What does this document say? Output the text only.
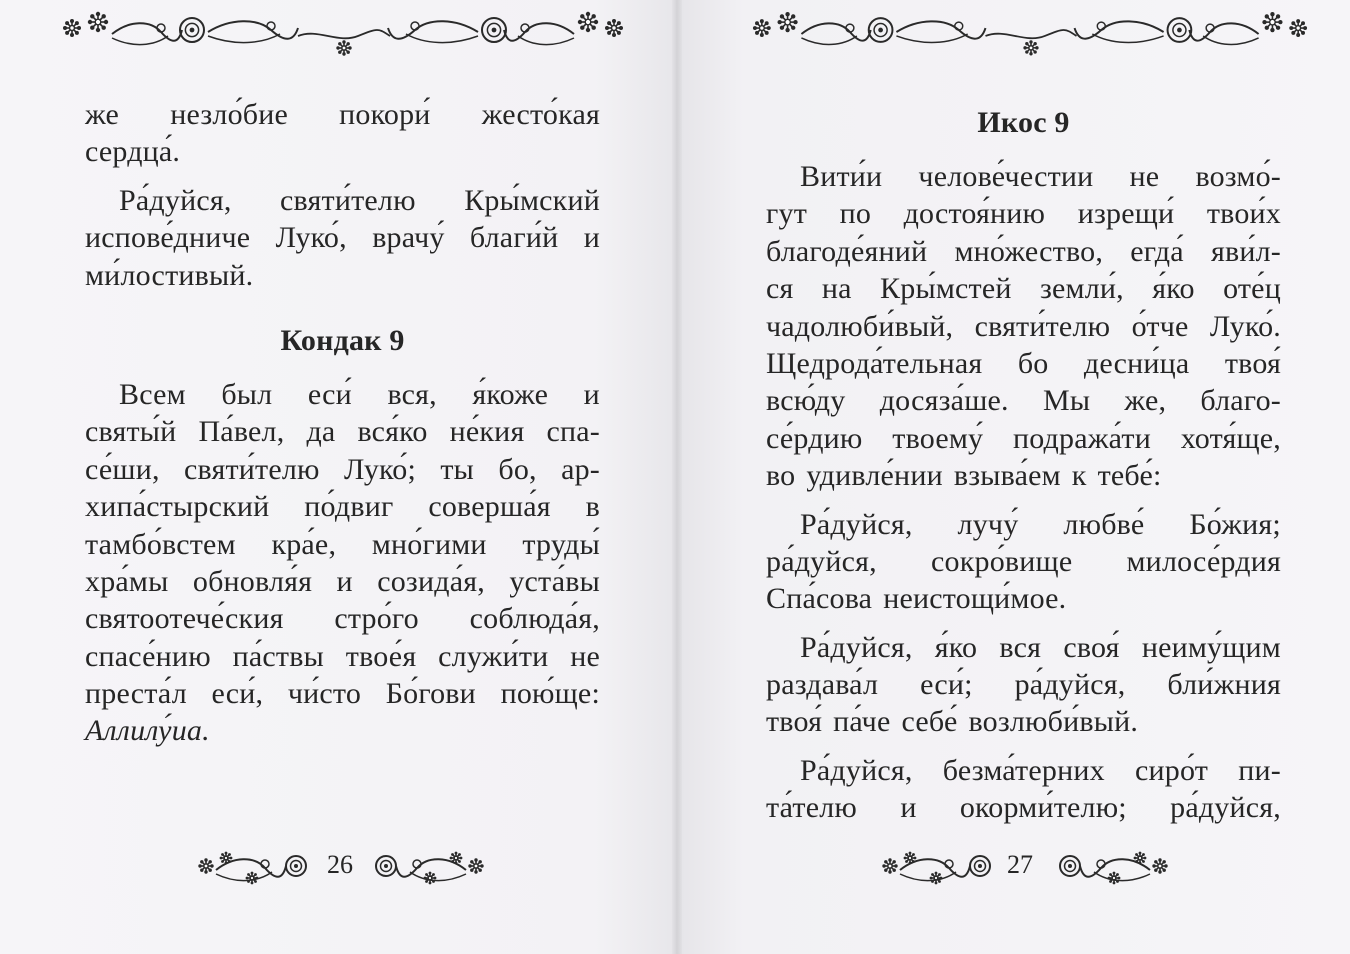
же незло́бие покори́ жесто́кая
сердца́.
Ра́дуйся, святи́телю Кры́мский
испове́дниче Луко́, врачу́ благи́й и
ми́лостивый.
Кондак 9
Всем был еси́ вся, я́коже и
святы́й Па́вел, да вся́ко не́кия спа-
се́ши, святи́телю Луко́; ты бо, ар-
хипа́стырский по́двиг соверша́я в
тамбо́встем кра́е, мно́гими труды́
хра́мы обновля́я и созида́я, уста́вы
святоотече́ския стро́го соблюда́я,
спасе́нию па́ствы твое́я служи́ти не
преста́л еси́, чи́сто Бо́гови пою́ще:
Аллилу́иа.
26
Икос 9
Вити́и челове́честии не возмо́-
гут по достоя́нию изрещи́ твои́х
благоде́яний мно́жество, егда́ яви́л-
ся на Кры́мстей земли́, я́ко оте́ц
чадолюби́вый, святи́телю о́тче Луко́.
Щедрода́тельная бо десни́ца твоя́
всю́ду досяза́ше. Мы же, благо-
се́рдию твоему́ подража́ти хотя́ще,
во удивле́нии взыва́ем к тебе́:
Ра́дуйся, лучу́ любве́ Бо́жия;
ра́дуйся, сокро́вище милосе́рдия
Спа́сова неистощи́мое.
Ра́дуйся, я́ко вся своя́ неиму́щим
раздава́л еси́; ра́дуйся, бли́жния
твоя́ па́че себе́ возлюби́вый.
Ра́дуйся, безма́терних сиро́т пи-
та́телю и окорми́телю; ра́дуйся,
27
